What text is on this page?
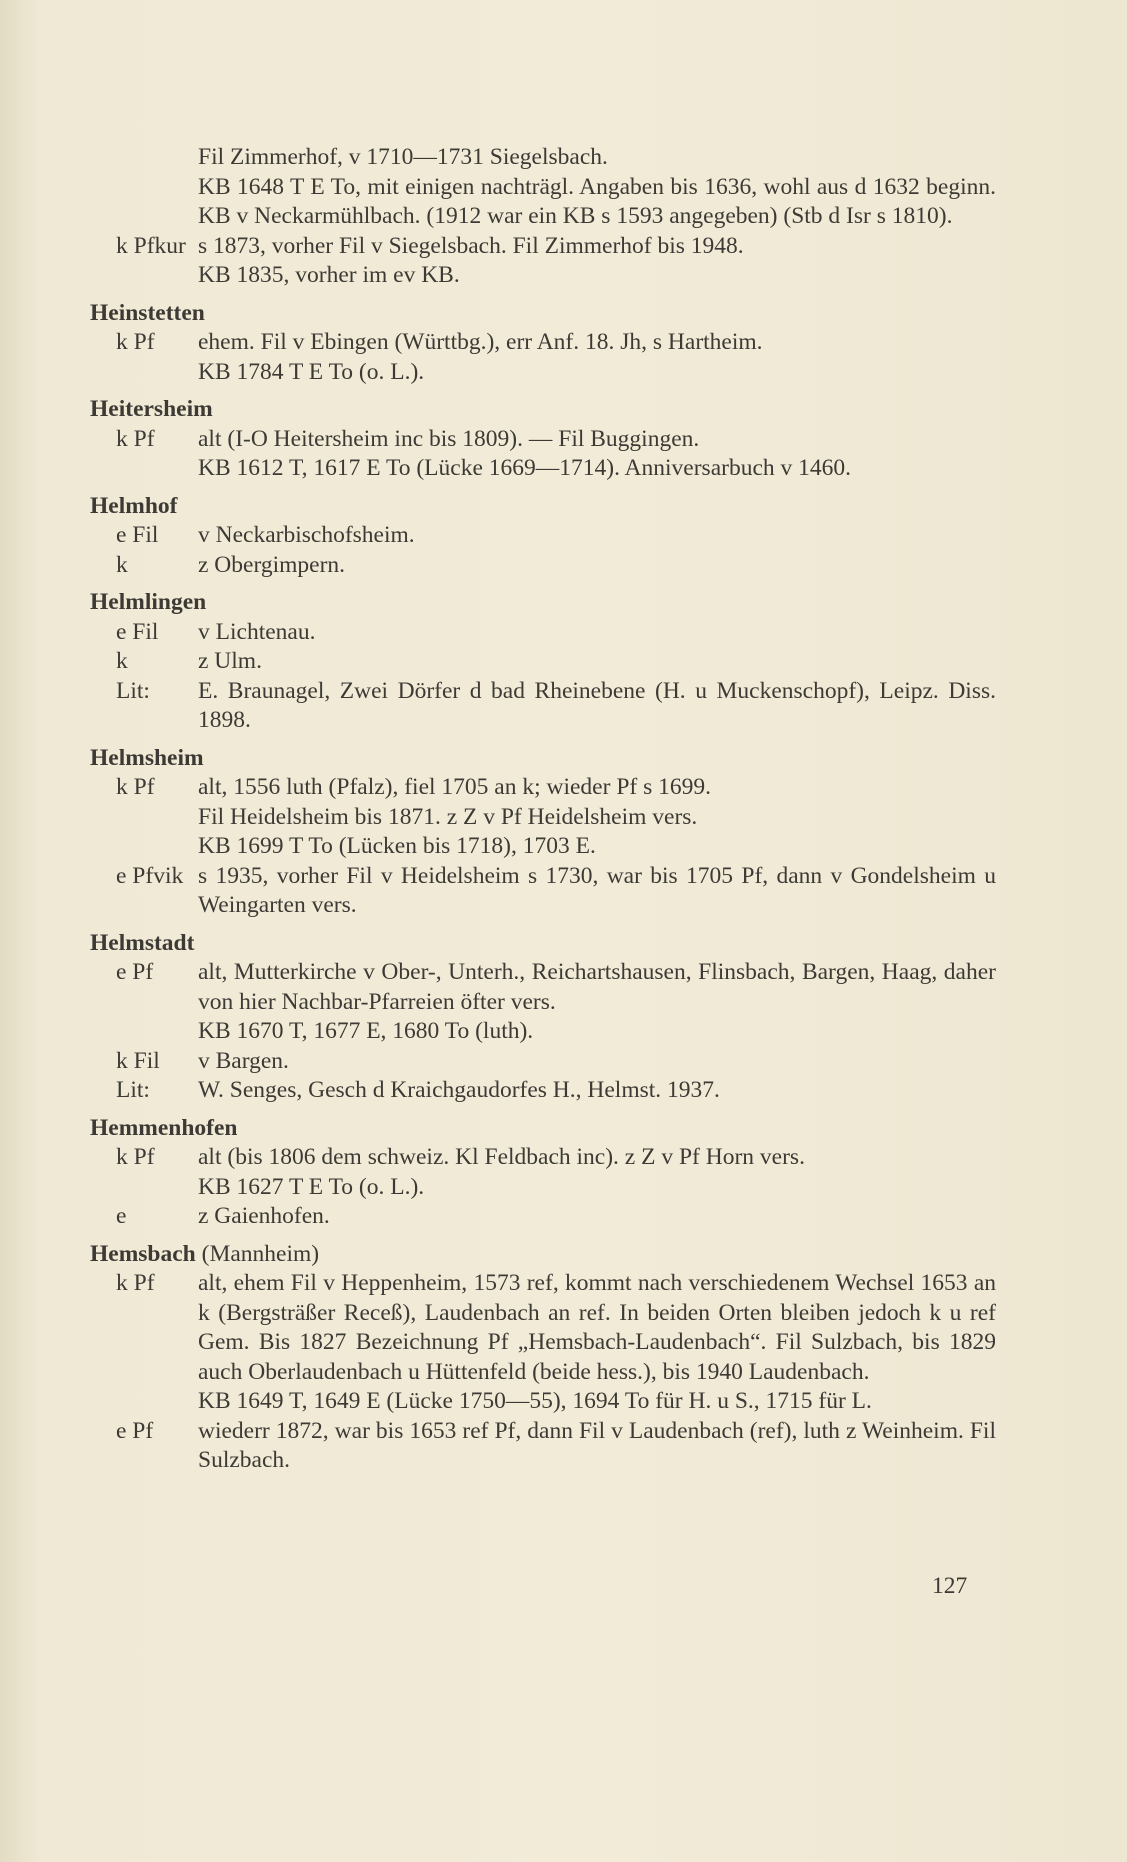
Fil Zimmerhof, v 1710—1731 Siegelsbach.
KB 1648 T E To, mit einigen nachträgl. Angaben bis 1636, wohl aus d 1632 beginn. KB v Neckarmühlbach. (1912 war ein KB s 1593 angegeben) (Stb d Isr s 1810).
k Pfkur s 1873, vorher Fil v Siegelsbach. Fil Zimmerhof bis 1948.
KB 1835, vorher im ev KB.
Heinstetten
k Pf	ehem. Fil v Ebingen (Württbg.), err Anf. 18. Jh, s Hartheim.
KB 1784 T E To (o. L.).
Heitersheim
k Pf	alt (I-O Heitersheim inc bis 1809). — Fil Buggingen.
KB 1612 T, 1617 E To (Lücke 1669—1714). Anniversarbuch v 1460.
Helmhof
e Fil	v Neckarbischofsheim.
k	z Obergimpern.
Helmlingen
e Fil	v Lichtenau.
k	z Ulm.
Lit:	E. Braunagel, Zwei Dörfer d bad Rheinebene (H. u Muckenschopf), Leipz. Diss. 1898.
Helmsheim
k Pf	alt, 1556 luth (Pfalz), fiel 1705 an k; wieder Pf s 1699.
Fil Heidelsheim bis 1871. z Z v Pf Heidelsheim vers.
KB 1699 T To (Lücken bis 1718), 1703 E.
e Pfvik s 1935, vorher Fil v Heidelsheim s 1730, war bis 1705 Pf, dann v Gondelsheim u Weingarten vers.
Helmstadt
e Pf	alt, Mutterkirche v Ober-, Unterh., Reichartshausen, Flinsbach, Bargen, Haag, daher von hier Nachbar-Pfarreien öfter vers.
KB 1670 T, 1677 E, 1680 To (luth).
k Fil	v Bargen.
Lit:	W. Senges, Gesch d Kraichgaudorfes H., Helmst. 1937.
Hemmenhofen
k Pf	alt (bis 1806 dem schweiz. Kl Feldbach inc). z Z v Pf Horn vers.
KB 1627 T E To (o. L.).
e	z Gaienhofen.
Hemsbach (Mannheim)
k Pf	alt, ehem Fil v Heppenheim, 1573 ref, kommt nach verschiedenem Wechsel 1653 an k (Bergsträßer Receß), Laudenbach an ref. In beiden Orten bleiben jedoch k u ref Gem. Bis 1827 Bezeichnung Pf „Hemsbach-Laudenbach“. Fil Sulzbach, bis 1829 auch Oberlaudenbach u Hüttenfeld (beide hess.), bis 1940 Laudenbach.
KB 1649 T, 1649 E (Lücke 1750—55), 1694 To für H. u S., 1715 für L.
e Pf	wiederr 1872, war bis 1653 ref Pf, dann Fil v Laudenbach (ref), luth z Weinheim. Fil Sulzbach.
127
